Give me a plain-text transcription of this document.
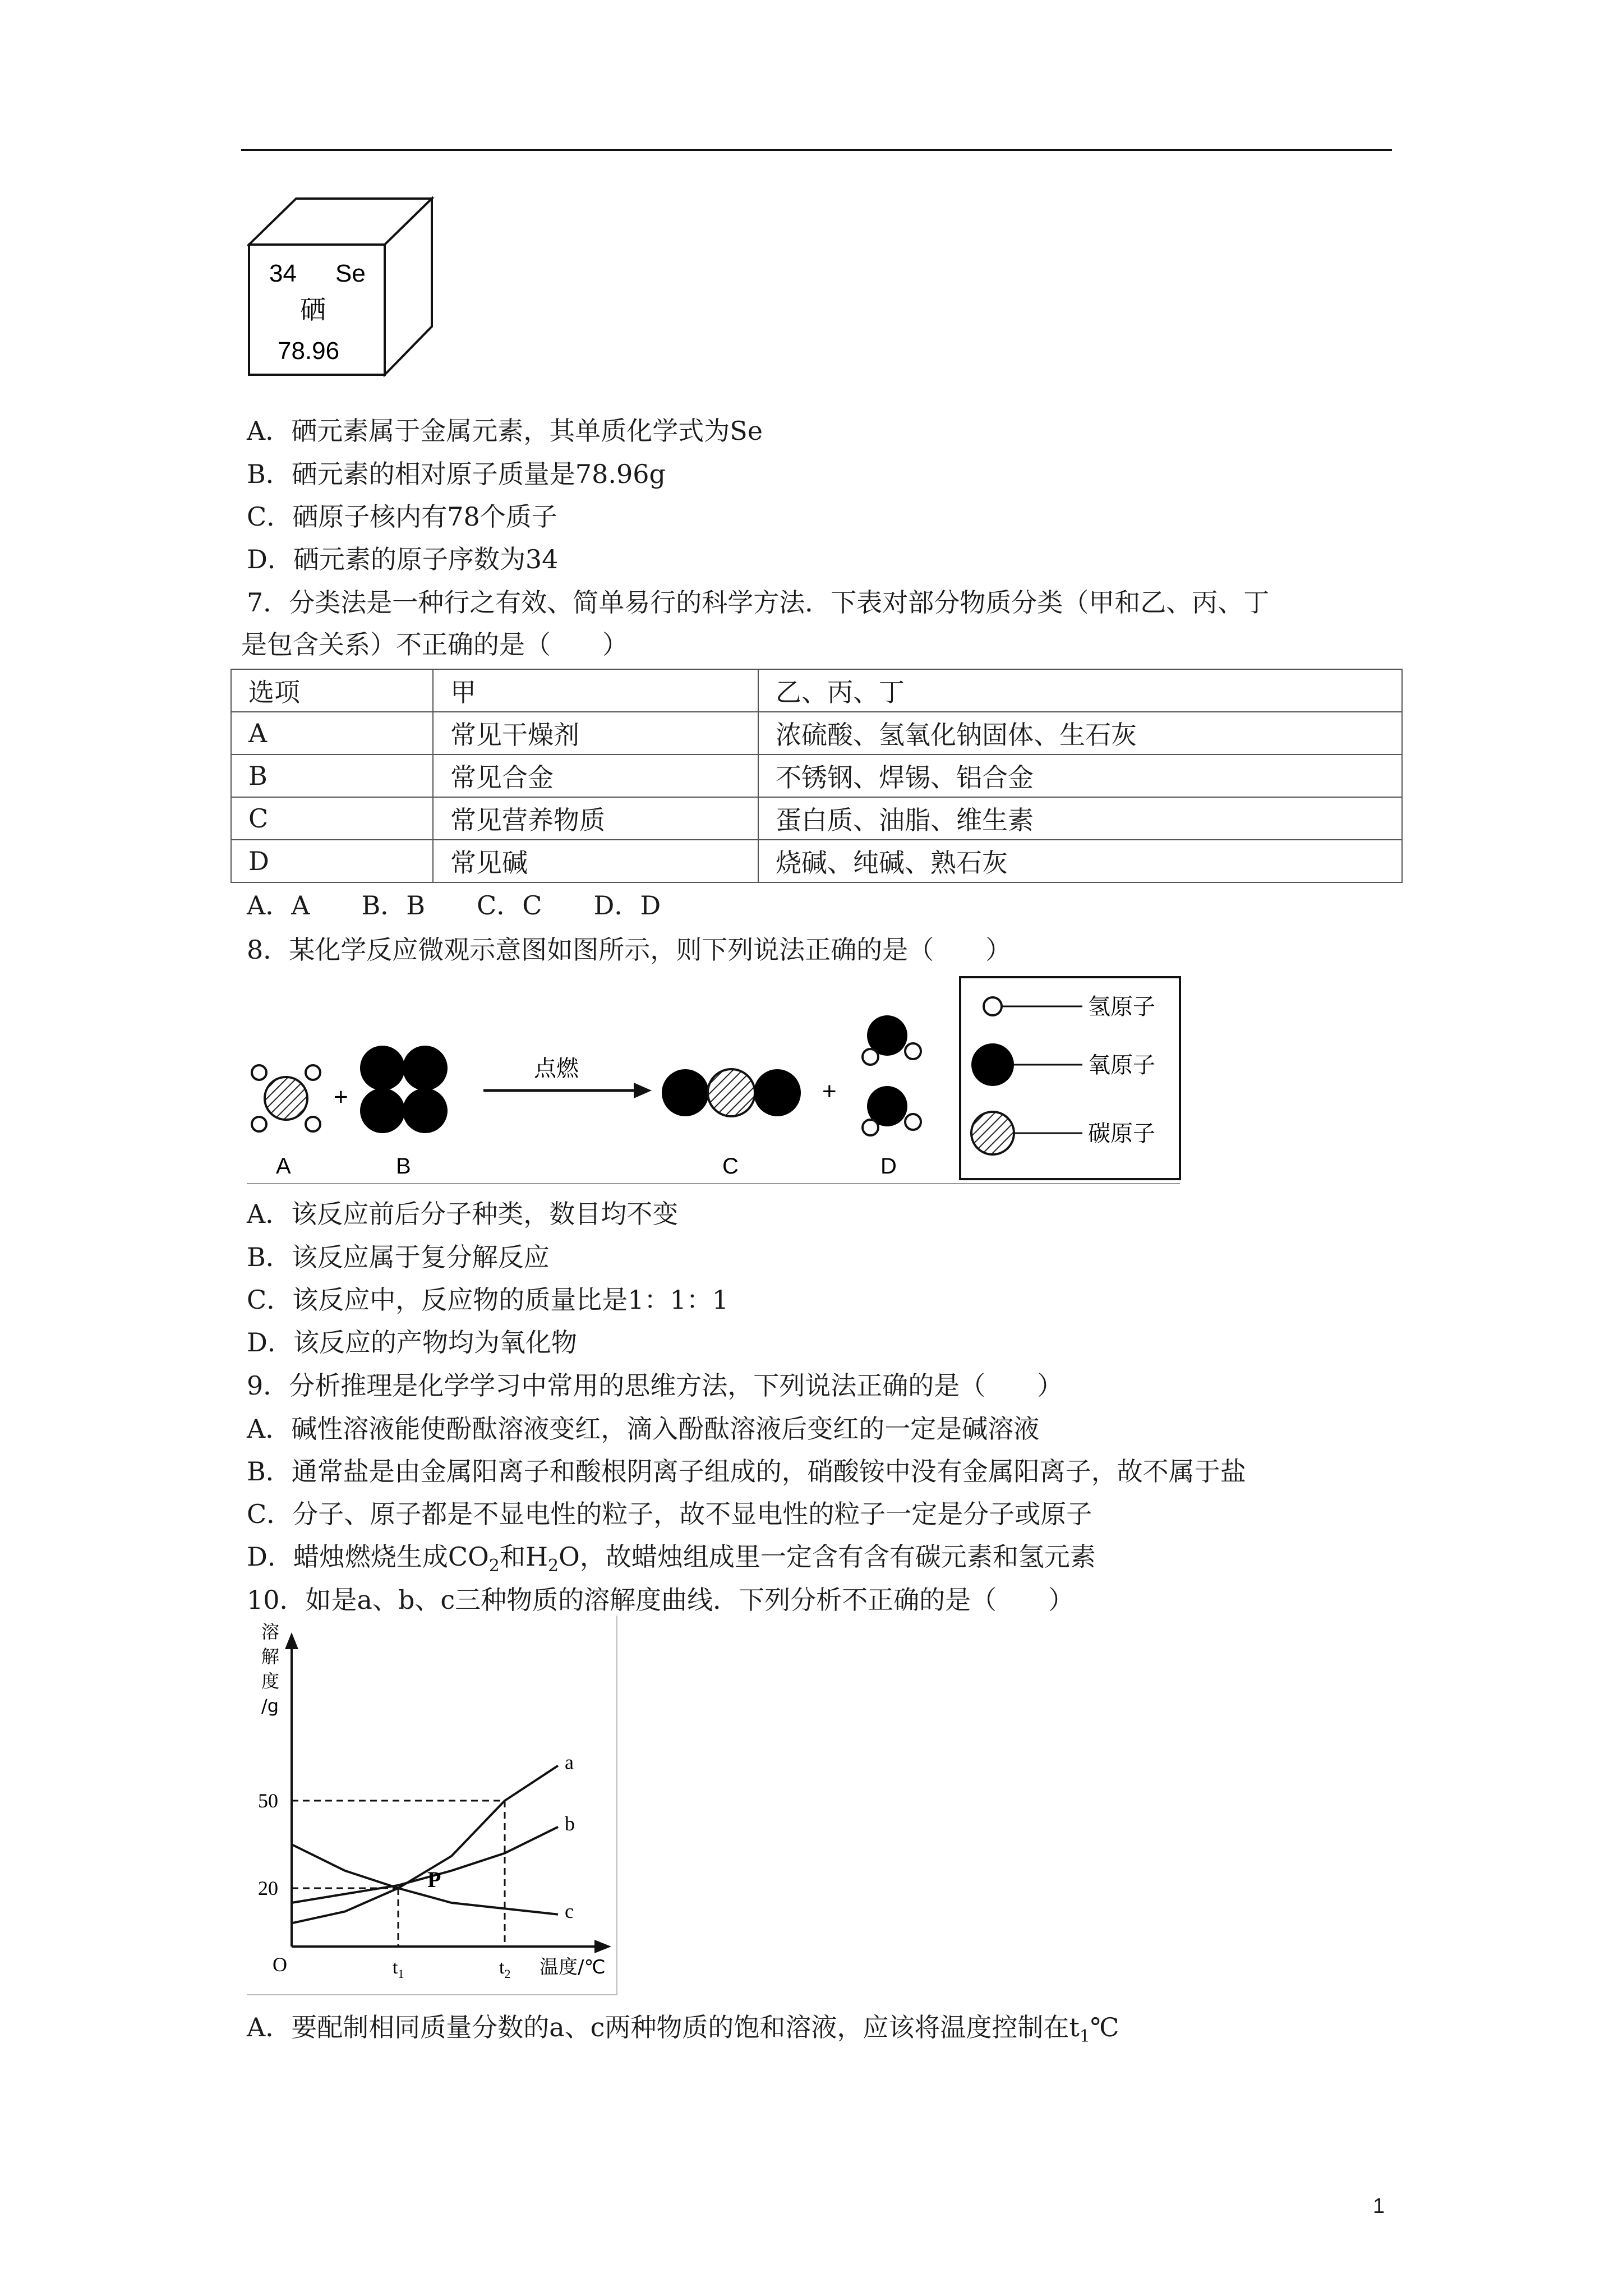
34 Se
硒
78.96
A．硒元素属于金属元素，其单质化学式为Se
B．硒元素的相对原子质量是78.96g
C．硒原子核内有78个质子
D．硒元素的原子序数为34
7．分类法是一种行之有效、简单易行的科学方法．下表对部分物质分类（甲和乙、丙、丁
是包含关系）不正确的是（　　）
选项	甲	乙、丙、丁
A	常见干燥剂	浓硫酸、氢氧化钠固体、生石灰
B	常见合金	不锈钢、焊锡、铝合金
C	常见营养物质	蛋白质、油脂、维生素
D	常见碱	烧碱、纯碱、熟石灰
A．A　　B．B　　C．C　　D．D
8．某化学反应微观示意图如图所示，则下列说法正确的是（　　）
+
点燃
+
A	B	C	D
氢原子
氧原子
碳原子
A．该反应前后分子种类，数目均不变
B．该反应属于复分解反应
C．该反应中，反应物的质量比是1：1：1
D．该反应的产物均为氧化物
9．分析推理是化学学习中常用的思维方法，下列说法正确的是（　　）
A．碱性溶液能使酚酞溶液变红，滴入酚酞溶液后变红的一定是碱溶液
B．通常盐是由金属阳离子和酸根阴离子组成的，硝酸铵中没有金属阳离子，故不属于盐
C．分子、原子都是不显电性的粒子，故不显电性的粒子一定是分子或原子
D．蜡烛燃烧生成$CO_2$和$H_2O$，故蜡烛组成里一定含有含有碳元素和氢元素
10．如是a、b、c三种物质的溶解度曲线．下列分析不正确的是（　　）
a
b
c
P
20
50
$t_1$	$t_2$
O	温度/℃
溶解度/g
A．要配制相同质量分数的a、c两种物质的饱和溶液，应该将温度控制在$t_1℃$
1
